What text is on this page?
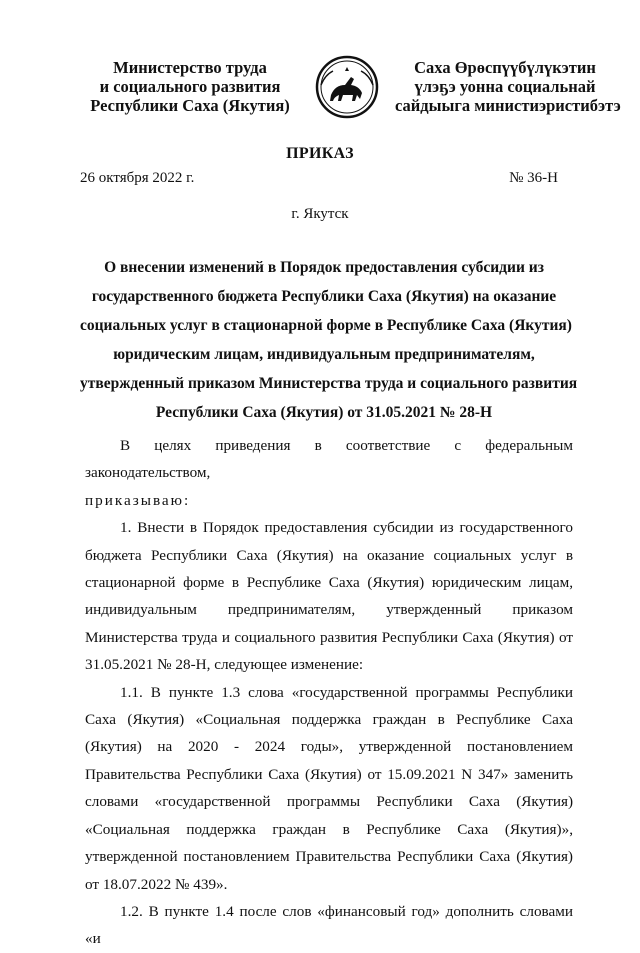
Министерство труда
и социального развития
Республики Саха (Якутия)
Саха Өрөспүүбүлүкэтин
үлэҕэ уонна социальнай
сайдыыга министиэристибэтэ
ПРИКАЗ
26 октября 2022 г.	№ 36-Н
г. Якутск
О внесении изменений в Порядок предоставления субсидии из
государственного бюджета Республики Саха (Якутия) на оказание
социальных услуг в стационарной форме в Республике Саха (Якутия)
юридическим лицам, индивидуальным предпринимателям,
утвержденный приказом Министерства труда и социального развития
Республики Саха (Якутия) от 31.05.2021 № 28-Н

В целях приведения в соответствие с федеральным законодательством,

приказываю:

1. Внести в Порядок предоставления субсидии из государственного бюджета Республики Саха (Якутия) на оказание социальных услуг в стационарной форме в Республике Саха (Якутия) юридическим лицам, индивидуальным предпринимателям, утвержденный приказом Министерства труда и социального развития Республики Саха (Якутия) от 31.05.2021 № 28-Н, следующее изменение:

1.1. В пункте 1.3 слова «государственной программы Республики Саха (Якутия) «Социальная поддержка граждан в Республике Саха (Якутия) на 2020 - 2024 годы», утвержденной постановлением Правительства Республики Саха (Якутия) от 15.09.2021 N 347» заменить словами «государственной программы Республики Саха (Якутия) «Социальная поддержка граждан в Республике Саха (Якутия)», утвержденной постановлением Правительства Республики Саха (Якутия) от 18.07.2022 № 439».

1.2. В пункте 1.4 после слов «финансовый год» дополнить словами «и
